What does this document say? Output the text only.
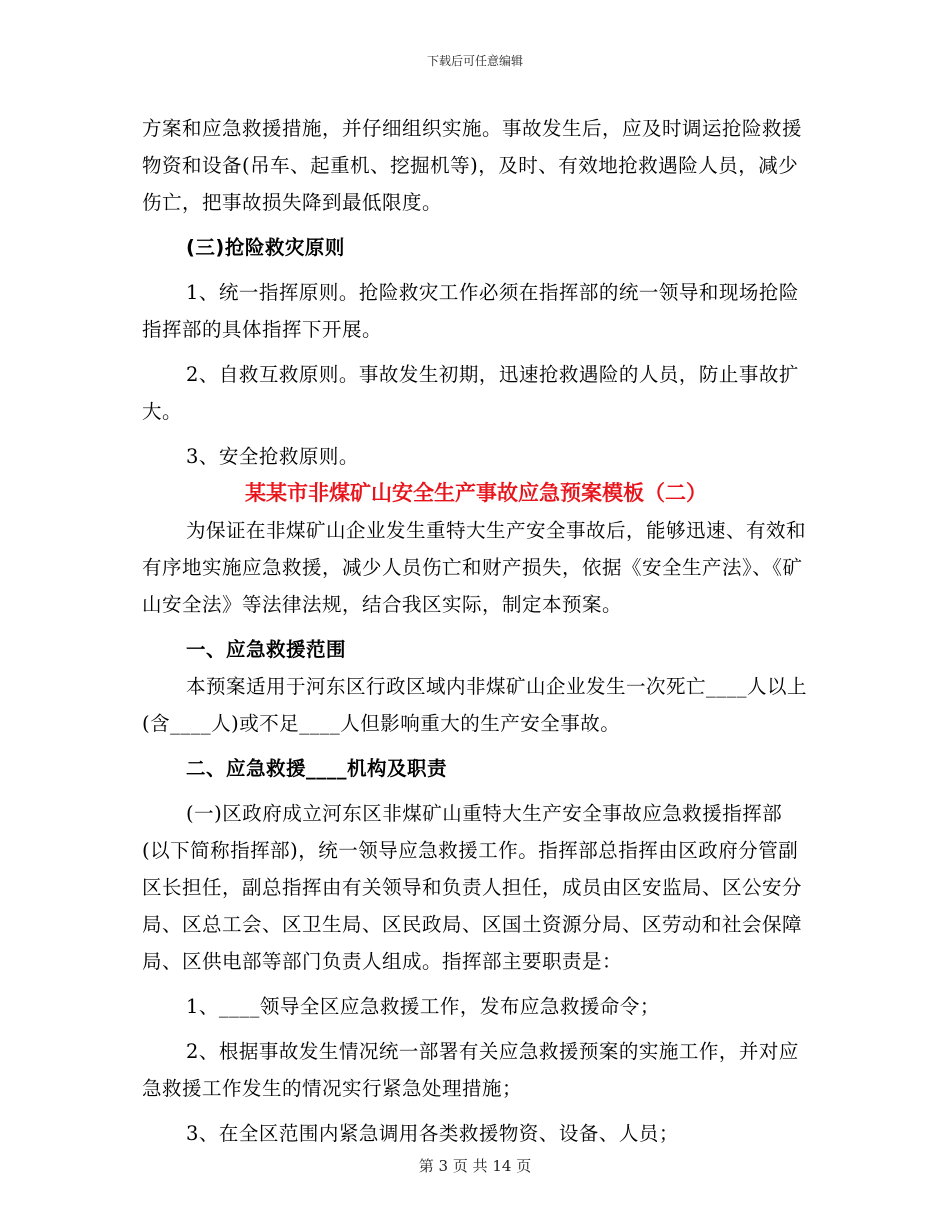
下载后可任意编辑

方案和应急救援措施，并仔细组织实施。事故发生后，应及时调运抢险救援物资和设备(吊车、起重机、挖掘机等)，及时、有效地抢救遇险人员，减少伤亡，把事故损失降到最低限度。

(三)抢险救灾原则

1、统一指挥原则。抢险救灾工作必须在指挥部的统一领导和现场抢险指挥部的具体指挥下开展。

2、自救互救原则。事故发生初期，迅速抢救遇险的人员，防止事故扩大。

3、安全抢救原则。

某某市非煤矿山安全生产事故应急预案模板（二）

为保证在非煤矿山企业发生重特大生产安全事故后，能够迅速、有效和有序地实施应急救援，减少人员伤亡和财产损失，依据《安全生产法》、《矿山安全法》等法律法规，结合我区实际，制定本预案。

一、应急救援范围

本预案适用于河东区行政区域内非煤矿山企业发生一次死亡____人以上(含____人)或不足____人但影响重大的生产安全事故。

二、应急救援____机构及职责

(一)区政府成立河东区非煤矿山重特大生产安全事故应急救援指挥部(以下简称指挥部)，统一领导应急救援工作。指挥部总指挥由区政府分管副区长担任，副总指挥由有关领导和负责人担任，成员由区安监局、区公安分局、区总工会、区卫生局、区民政局、区国土资源分局、区劳动和社会保障局、区供电部等部门负责人组成。指挥部主要职责是：

1、____领导全区应急救援工作，发布应急救援命令；

2、根据事故发生情况统一部署有关应急救援预案的实施工作，并对应急救援工作发生的情况实行紧急处理措施；

3、在全区范围内紧急调用各类救援物资、设备、人员；

第 3 页 共 14 页
